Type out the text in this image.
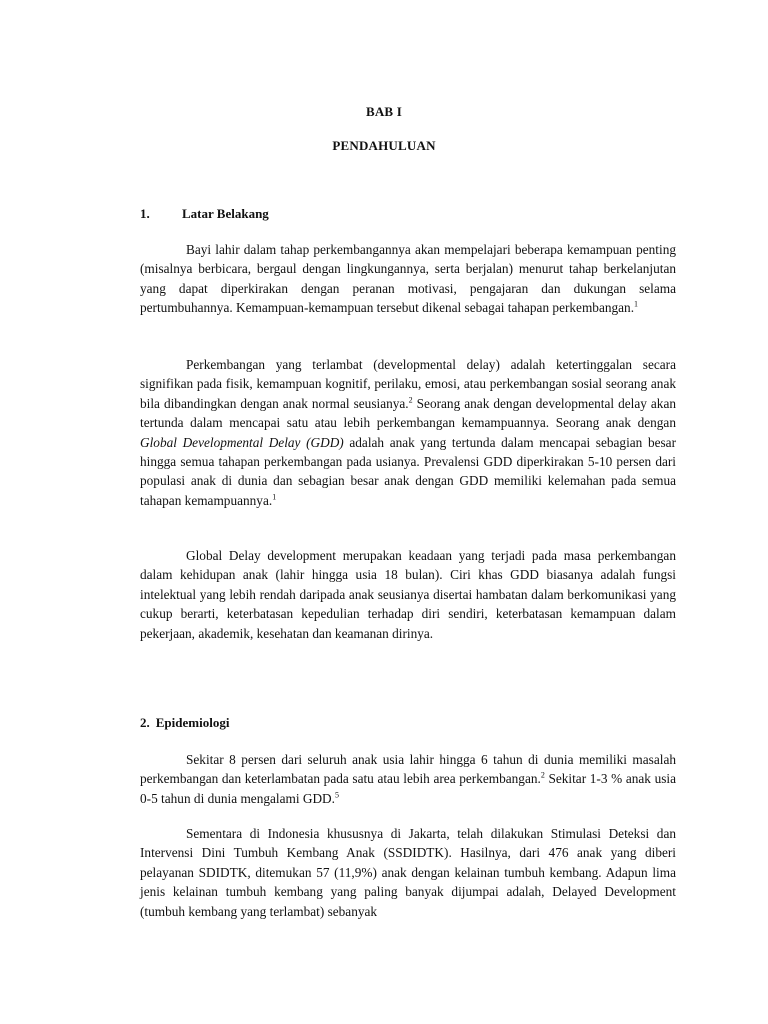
BAB I
PENDAHULUAN
1. Latar Belakang

Bayi lahir dalam tahap perkembangannya akan mempelajari beberapa kemampuan penting (misalnya berbicara, bergaul dengan lingkungannya, serta berjalan) menurut tahap berkelanjutan yang dapat diperkirakan dengan peranan motivasi, pengajaran dan dukungan selama pertumbuhannya. Kemampuan-kemampuan tersebut dikenal sebagai tahapan perkembangan.$^1$

Perkembangan yang terlambat (developmental delay) adalah ketertinggalan secara signifikan pada fisik, kemampuan kognitif, perilaku, emosi, atau perkembangan sosial seorang anak bila dibandingkan dengan anak normal seusianya.$^2$ Seorang anak dengan developmental delay akan tertunda dalam mencapai satu atau lebih perkembangan kemampuannya. Seorang anak dengan Global Developmental Delay (GDD) adalah anak yang tertunda dalam mencapai sebagian besar hingga semua tahapan perkembangan pada usianya. Prevalensi GDD diperkirakan 5-10 persen dari populasi anak di dunia dan sebagian besar anak dengan GDD memiliki kelemahan pada semua tahapan kemampuannya.$^1$

Global Delay development merupakan keadaan yang terjadi pada masa perkembangan dalam kehidupan anak (lahir hingga usia 18 bulan). Ciri khas GDD biasanya adalah fungsi intelektual yang lebih rendah daripada anak seusianya disertai hambatan dalam berkomunikasi yang cukup berarti, keterbatasan kepedulian terhadap diri sendiri, keterbatasan kemampuan dalam pekerjaan, akademik, kesehatan dan keamanan dirinya.

2. Epidemiologi

Sekitar 8 persen dari seluruh anak usia lahir hingga 6 tahun di dunia memiliki masalah perkembangan dan keterlambatan pada satu atau lebih area perkembangan.$^2$ Sekitar 1-3 % anak usia 0-5 tahun di dunia mengalami GDD.$^5$

Sementara di Indonesia khususnya di Jakarta, telah dilakukan Stimulasi Deteksi dan Intervensi Dini Tumbuh Kembang Anak (SSDIDTK). Hasilnya, dari 476 anak yang diberi pelayanan SDIDTK, ditemukan 57 (11,9%) anak dengan kelainan tumbuh kembang. Adapun lima jenis kelainan tumbuh kembang yang paling banyak dijumpai adalah, Delayed Development (tumbuh kembang yang terlambat) sebanyak
